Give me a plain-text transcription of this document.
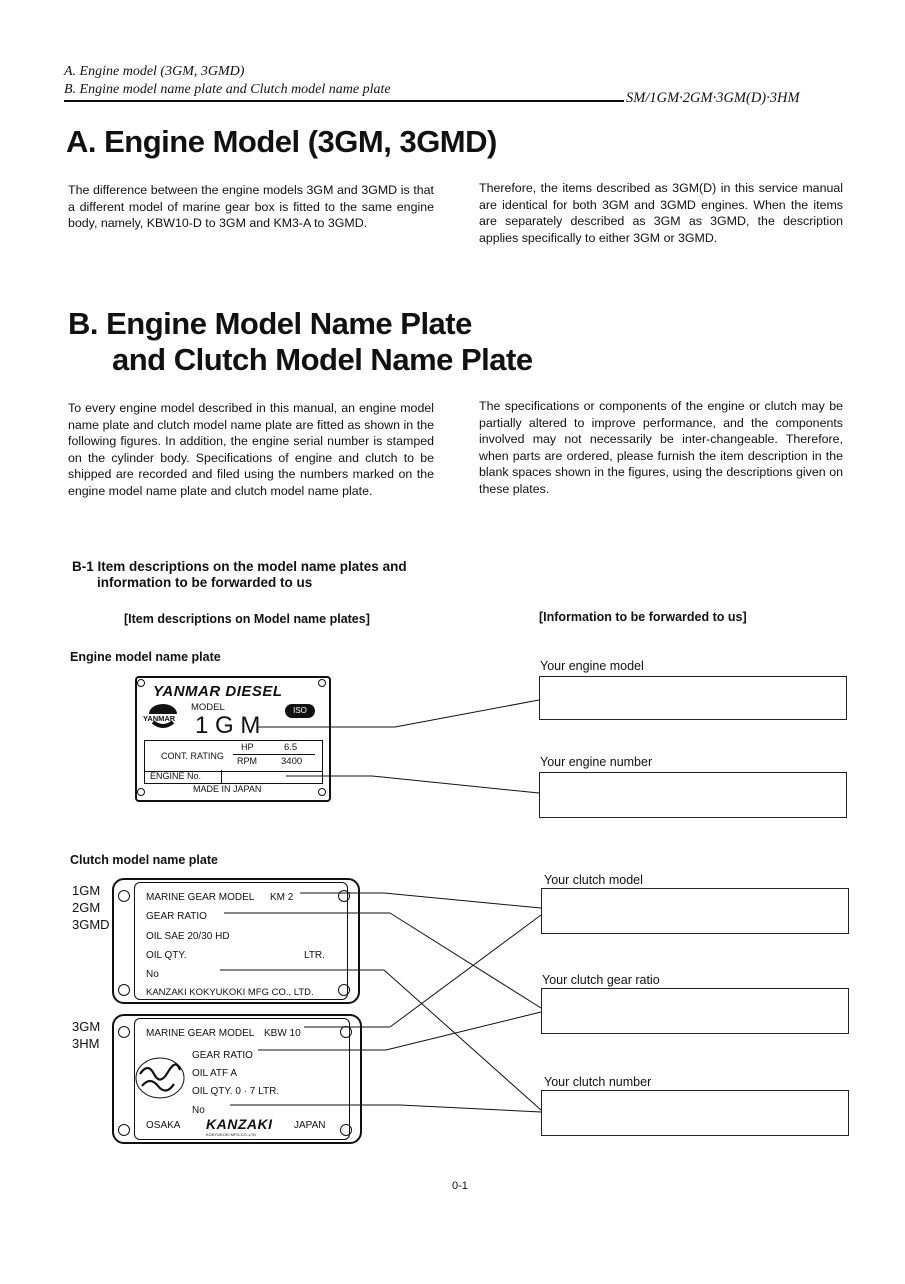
A. Engine model (3GM, 3GMD)
B. Engine model name plate and Clutch model name plate
SM/1GM·2GM·3GM(D)·3HM
A. Engine Model (3GM, 3GMD)
The difference between the engine models 3GM and 3GMD is that a different model of marine gear box is fitted to the same engine body, namely, KBW10-D to 3GM and KM3-A to 3GMD.
Therefore, the items described as 3GM(D) in this service manual are identical for both 3GM and 3GMD engines. When the items are separately described as 3GM as 3GMD, the description applies specifically to either 3GM or 3GMD.
B. Engine Model Name Plate
and Clutch Model Name Plate
To every engine model described in this manual, an engine model name plate and clutch model name plate are fitted as shown in the following figures. In addition, the engine serial number is stamped on the cylinder body. Specifications of engine and clutch to be shipped are recorded and filed using the numbers marked on the engine model name plate and clutch model name plate.
The specifications or components of the engine or clutch may be partially altered to improve performance, and the components involved may not necessarily be inter-changeable. Therefore, when parts are ordered, please furnish the item description in the blank spaces shown in the figures, using the descriptions given on these plates.
B-1 Item descriptions on the model name plates and
information to be forwarded to us
[Item descriptions on Model name plates]	[Information to be forwarded to us]
Engine model name plate
YANMAR DIESEL
YANMAR
MODEL	ISO
1 G M
CONT. RATING
HP	6.5
RPM	3400
ENGINE No.
MADE IN JAPAN
Your engine model
Your engine number
Clutch model name plate
1GM
2GM
3GMD
MARINE GEAR MODEL KM 2
GEAR RATIO
OIL SAE 20/30 HD
OIL QTY.	LTR.
No
KANZAKI KOKYUKOKI MFG CO., LTD.
3GM
3HM
MARINE GEAR MODEL KBW 10
GEAR RATIO
OIL ATF A
OIL QTY. 0 · 7 LTR.
No
OSAKA KANZAKI
KOKYUKOKI MFG.CO.,LTD
JAPAN
Your clutch model
Your clutch gear ratio
Your clutch number
0-1
